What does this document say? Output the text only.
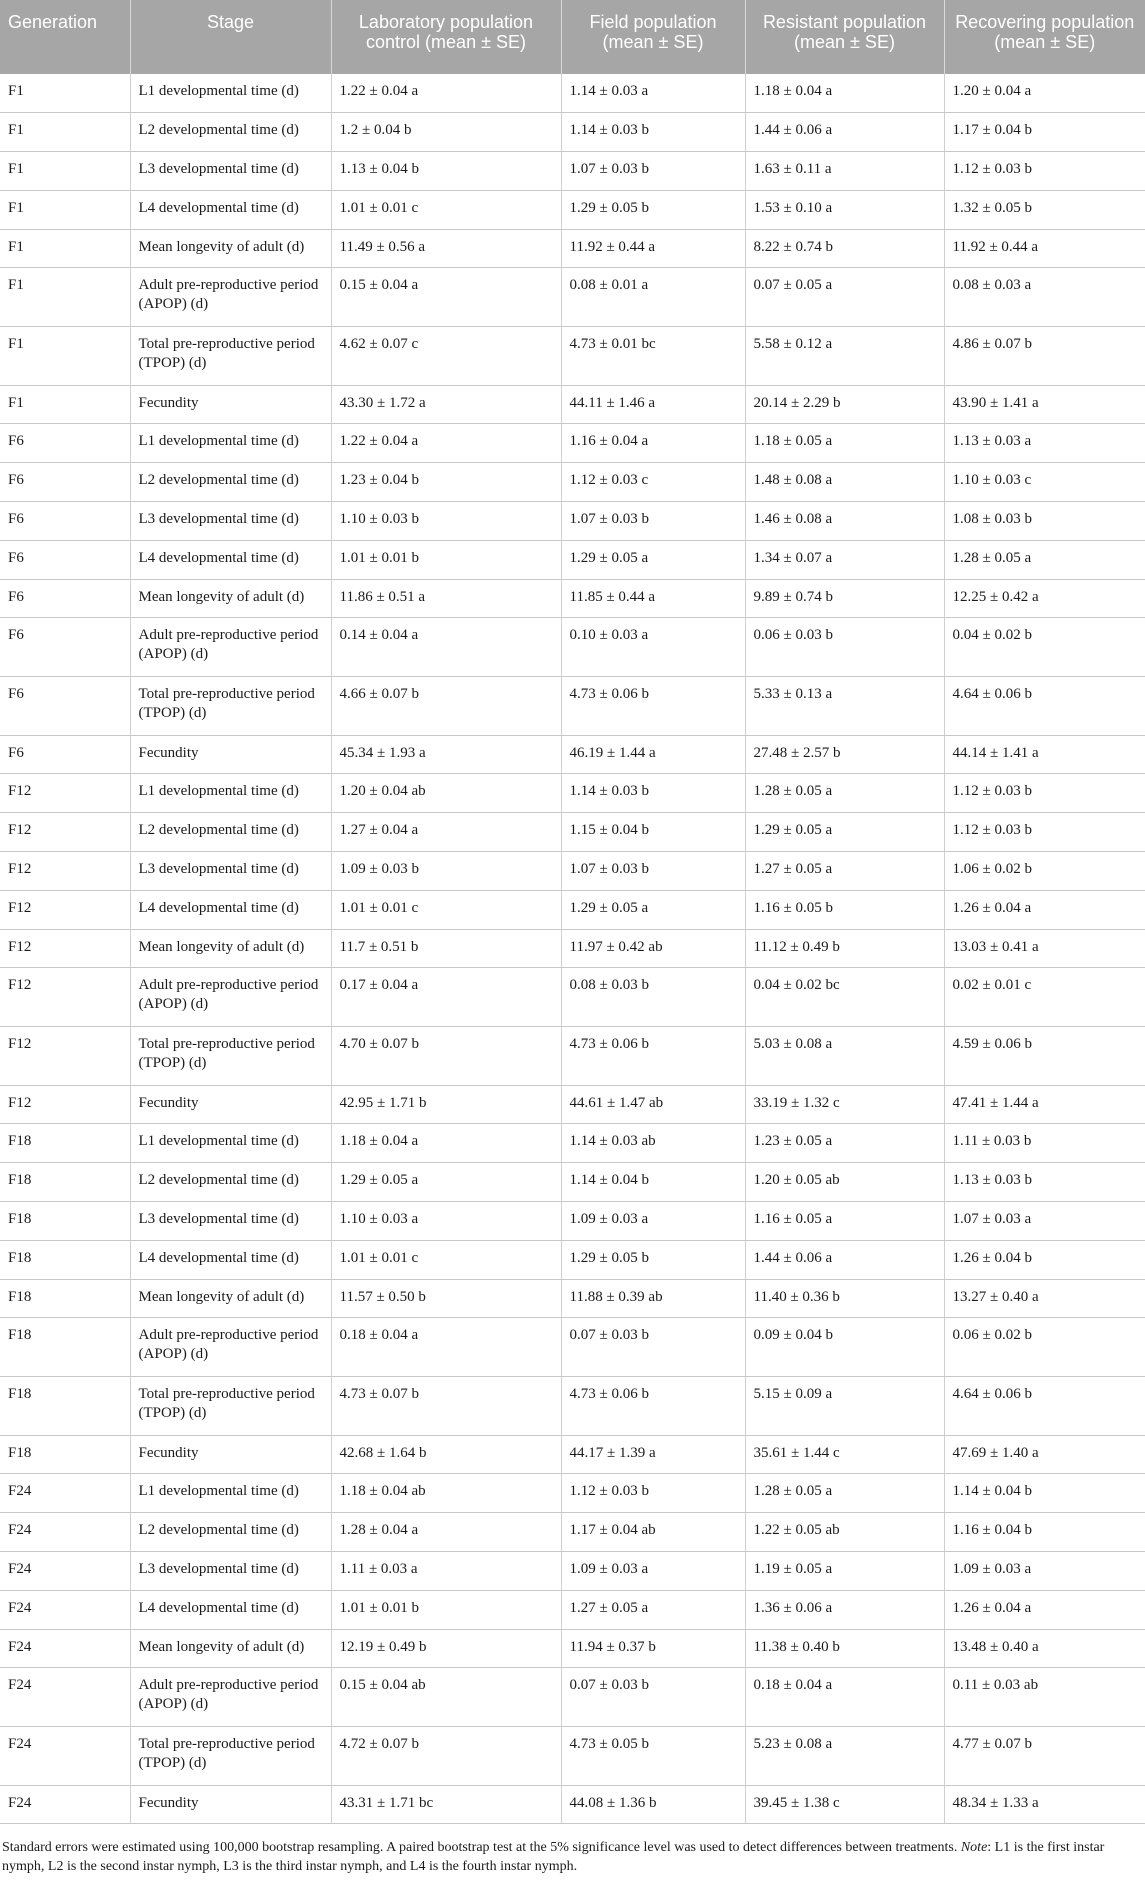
Generation	Stage	Laboratory population control (mean ± SE)	Field population (mean ± SE)	Resistant population (mean ± SE)	Recovering population (mean ± SE)
F1	L1 developmental time (d)	1.22 ± 0.04 a	1.14 ± 0.03 a	1.18 ± 0.04 a	1.20 ± 0.04 a
F1	L2 developmental time (d)	1.2 ± 0.04 b	1.14 ± 0.03 b	1.44 ± 0.06 a	1.17 ± 0.04 b
F1	L3 developmental time (d)	1.13 ± 0.04 b	1.07 ± 0.03 b	1.63 ± 0.11 a	1.12 ± 0.03 b
F1	L4 developmental time (d)	1.01 ± 0.01 c	1.29 ± 0.05 b	1.53 ± 0.10 a	1.32 ± 0.05 b
F1	Mean longevity of adult (d)	11.49 ± 0.56 a	11.92 ± 0.44 a	8.22 ± 0.74 b	11.92 ± 0.44 a
F1	Adult pre-reproductive period (APOP) (d)	0.15 ± 0.04 a	0.08 ± 0.01 a	0.07 ± 0.05 a	0.08 ± 0.03 a
F1	Total pre-reproductive period (TPOP) (d)	4.62 ± 0.07 c	4.73 ± 0.01 bc	5.58 ± 0.12 a	4.86 ± 0.07 b
F1	Fecundity	43.30 ± 1.72 a	44.11 ± 1.46 a	20.14 ± 2.29 b	43.90 ± 1.41 a
F6	L1 developmental time (d)	1.22 ± 0.04 a	1.16 ± 0.04 a	1.18 ± 0.05 a	1.13 ± 0.03 a
F6	L2 developmental time (d)	1.23 ± 0.04 b	1.12 ± 0.03 c	1.48 ± 0.08 a	1.10 ± 0.03 c
F6	L3 developmental time (d)	1.10 ± 0.03 b	1.07 ± 0.03 b	1.46 ± 0.08 a	1.08 ± 0.03 b
F6	L4 developmental time (d)	1.01 ± 0.01 b	1.29 ± 0.05 a	1.34 ± 0.07 a	1.28 ± 0.05 a
F6	Mean longevity of adult (d)	11.86 ± 0.51 a	11.85 ± 0.44 a	9.89 ± 0.74 b	12.25 ± 0.42 a
F6	Adult pre-reproductive period (APOP) (d)	0.14 ± 0.04 a	0.10 ± 0.03 a	0.06 ± 0.03 b	0.04 ± 0.02 b
F6	Total pre-reproductive period (TPOP) (d)	4.66 ± 0.07 b	4.73 ± 0.06 b	5.33 ± 0.13 a	4.64 ± 0.06 b
F6	Fecundity	45.34 ± 1.93 a	46.19 ± 1.44 a	27.48 ± 2.57 b	44.14 ± 1.41 a
F12	L1 developmental time (d)	1.20 ± 0.04 ab	1.14 ± 0.03 b	1.28 ± 0.05 a	1.12 ± 0.03 b
F12	L2 developmental time (d)	1.27 ± 0.04 a	1.15 ± 0.04 b	1.29 ± 0.05 a	1.12 ± 0.03 b
F12	L3 developmental time (d)	1.09 ± 0.03 b	1.07 ± 0.03 b	1.27 ± 0.05 a	1.06 ± 0.02 b
F12	L4 developmental time (d)	1.01 ± 0.01 c	1.29 ± 0.05 a	1.16 ± 0.05 b	1.26 ± 0.04 a
F12	Mean longevity of adult (d)	11.7 ± 0.51 b	11.97 ± 0.42 ab	11.12 ± 0.49 b	13.03 ± 0.41 a
F12	Adult pre-reproductive period (APOP) (d)	0.17 ± 0.04 a	0.08 ± 0.03 b	0.04 ± 0.02 bc	0.02 ± 0.01 c
F12	Total pre-reproductive period (TPOP) (d)	4.70 ± 0.07 b	4.73 ± 0.06 b	5.03 ± 0.08 a	4.59 ± 0.06 b
F12	Fecundity	42.95 ± 1.71 b	44.61 ± 1.47 ab	33.19 ± 1.32 c	47.41 ± 1.44 a
F18	L1 developmental time (d)	1.18 ± 0.04 a	1.14 ± 0.03 ab	1.23 ± 0.05 a	1.11 ± 0.03 b
F18	L2 developmental time (d)	1.29 ± 0.05 a	1.14 ± 0.04 b	1.20 ± 0.05 ab	1.13 ± 0.03 b
F18	L3 developmental time (d)	1.10 ± 0.03 a	1.09 ± 0.03 a	1.16 ± 0.05 a	1.07 ± 0.03 a
F18	L4 developmental time (d)	1.01 ± 0.01 c	1.29 ± 0.05 b	1.44 ± 0.06 a	1.26 ± 0.04 b
F18	Mean longevity of adult (d)	11.57 ± 0.50 b	11.88 ± 0.39 ab	11.40 ± 0.36 b	13.27 ± 0.40 a
F18	Adult pre-reproductive period (APOP) (d)	0.18 ± 0.04 a	0.07 ± 0.03 b	0.09 ± 0.04 b	0.06 ± 0.02 b
F18	Total pre-reproductive period (TPOP) (d)	4.73 ± 0.07 b	4.73 ± 0.06 b	5.15 ± 0.09 a	4.64 ± 0.06 b
F18	Fecundity	42.68 ± 1.64 b	44.17 ± 1.39 a	35.61 ± 1.44 c	47.69 ± 1.40 a
F24	L1 developmental time (d)	1.18 ± 0.04 ab	1.12 ± 0.03 b	1.28 ± 0.05 a	1.14 ± 0.04 b
F24	L2 developmental time (d)	1.28 ± 0.04 a	1.17 ± 0.04 ab	1.22 ± 0.05 ab	1.16 ± 0.04 b
F24	L3 developmental time (d)	1.11 ± 0.03 a	1.09 ± 0.03 a	1.19 ± 0.05 a	1.09 ± 0.03 a
F24	L4 developmental time (d)	1.01 ± 0.01 b	1.27 ± 0.05 a	1.36 ± 0.06 a	1.26 ± 0.04 a
F24	Mean longevity of adult (d)	12.19 ± 0.49 b	11.94 ± 0.37 b	11.38 ± 0.40 b	13.48 ± 0.40 a
F24	Adult pre-reproductive period (APOP) (d)	0.15 ± 0.04 ab	0.07 ± 0.03 b	0.18 ± 0.04 a	0.11 ± 0.03 ab
F24	Total pre-reproductive period (TPOP) (d)	4.72 ± 0.07 b	4.73 ± 0.05 b	5.23 ± 0.08 a	4.77 ± 0.07 b
F24	Fecundity	43.31 ± 1.71 bc	44.08 ± 1.36 b	39.45 ± 1.38 c	48.34 ± 1.33 a
Standard errors were estimated using 100,000 bootstrap resampling. A paired bootstrap test at the 5% significance level was used to detect differences between treatments. Note: L1 is the first instar nymph, L2 is the second instar nymph, L3 is the third instar nymph, and L4 is the fourth instar nymph.
